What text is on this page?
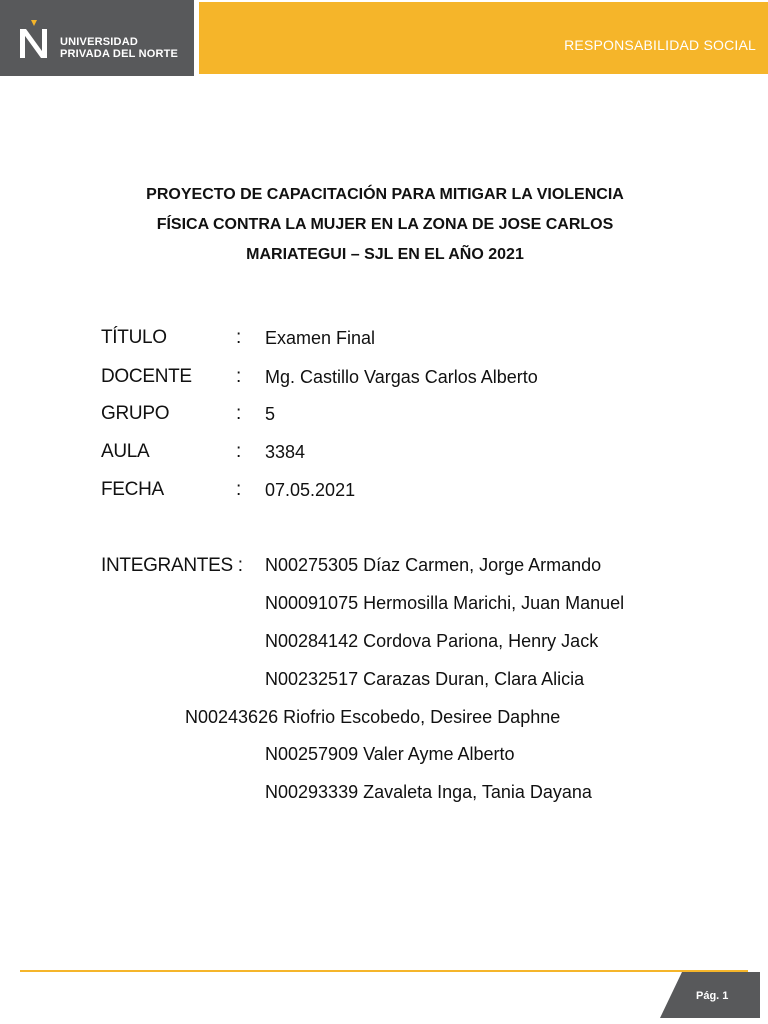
UNIVERSIDAD
PRIVADA DEL NORTE
RESPONSABILIDAD SOCIAL
PROYECTO DE CAPACITACIÓN PARA MITIGAR LA VIOLENCIA
FÍSICA CONTRA LA MUJER EN LA ZONA DE JOSE CARLOS
MARIATEGUI – SJL EN EL AÑO 2021
TÍTULO	: Examen Final
DOCENTE : Mg. Castillo Vargas Carlos Alberto
GRUPO	: 5
AULA	: 3384
FECHA	: 07.05.2021
INTEGRANTES : N00275305 Díaz Carmen, Jorge Armando
N00091075 Hermosilla Marichi, Juan Manuel
N00284142 Cordova Pariona, Henry Jack
N00232517 Carazas Duran, Clara Alicia
N00243626 Riofrio Escobedo, Desiree Daphne
N00257909 Valer Ayme Alberto
N00293339 Zavaleta Inga, Tania Dayana
Pág. 1
